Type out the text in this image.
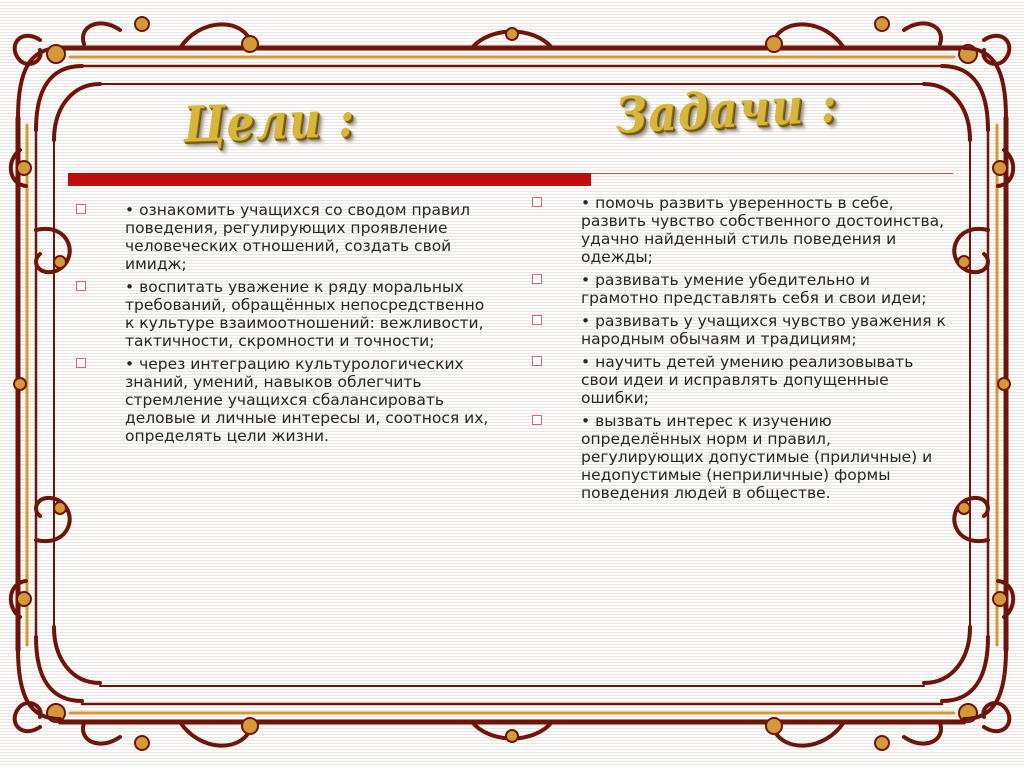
Цели :	Задачи :
• ознакомить учащихся со сводом правил поведения, регулирующих проявление человеческих отношений, создать свой имидж;
• воспитать уважение к ряду моральных требований, обращённых непосредственно к культуре взаимоотношений: вежливости, тактичности, скромности и точности;
• через интеграцию культурологических знаний, умений, навыков облегчить стремление учащихся сбалансировать деловые и личные интересы и, соотнося их, определять цели жизни.
• помочь развить уверенность в себе, развить чувство собственного достоинства, удачно найденный стиль поведения и одежды;
• развивать умение убедительно и грамотно представлять себя и свои идеи;
• развивать у учащихся чувство уважения к народным обычаям и традициям;
• научить детей умению реализовывать свои идеи и исправлять допущенные ошибки;
• вызвать интерес к изучению определённых норм и правил, регулирующих допустимые (приличные) и недопустимые (неприличные) формы поведения людей в обществе.
